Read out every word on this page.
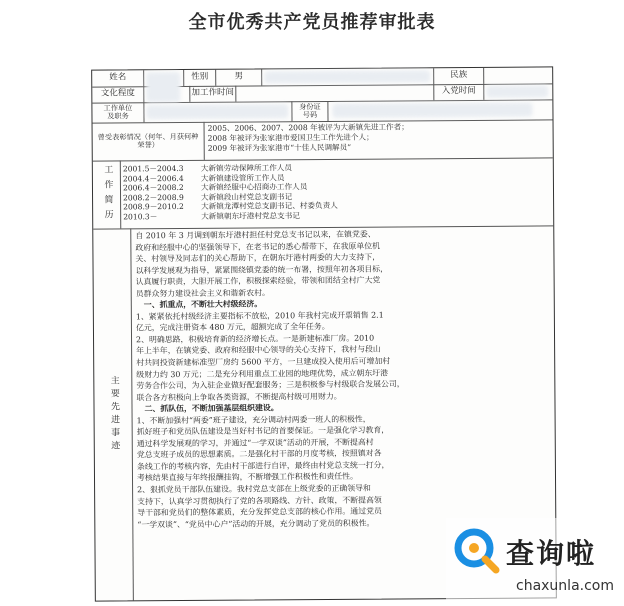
全市优秀共产党员推荐审批表
姓名	性别	男	民族
文化程度	加工作时间	入党时间
工作单位
及职务
身份证
号码
曾受表彰情况（何年、月获何种荣誉）
2005、2006、2007、2008 年被评为大新镇先进工作者；
2008 年被评为张家港市爱国卫生工作先进个人；
2009 年被评为张家港市“十佳人民调解员”
工作简历	2001.5－2004.3	大新镇劳动保障所工作人员
2004.4－2006.4	大新镇建设管所工作人员
2006.4－2008.2	大新镇经服中心招商办工作人员
2008.2－2008.9	大新镇段山村党总支副书记
2008.9－2010.2	大新镇龙潭村党总支副书记、村委负责人
2010.3－	大新镇朝东圩港村党总支书记
主要先进事迹

自 2010 年 3 月调到朝东圩港村担任村党总支书记以来，在镇党委、

政府和经服中心的坚强领导下，在老书记的悉心帮带下，在我原单位机

关、村领导及同志们的关心帮助下，在朝东圩港村两委的大力支持下，

以科学发展观为指导，紧紧围绕镇党委的统一布署，按照年初各项目标，

认真履行职责，大胆开展工作，积极探索经验，带领和团结全村广大党

员群众努力建设社会主义和谐新农村。

一、抓重点，不断壮大村级经济。

1、紧紧依托村级经济主要指标不放松，2010 年我村完成开票销售 2.1

亿元，完成注册资本 480 万元，超额完成了全年任务。

2、明确思路，积极培育新的经济增长点。一是新建标准厂房。2010

年上半年，在镇党委、政府和经服中心领导的关心支持下，我村与段山

村共同投资新建标准型厂房约 5600 平方，一旦建成投入使用后可增加村

级财力约 30 万元；二是充分利用重点工业园的地理优势，成立朝东圩港

劳务合作公司，为入驻企业做好配套服务；三是积极参与村级联合发展公司，

联合各方积极向上争取各类资源，不断提高村级可用财力。

二、抓队伍，不断加强基层组织建设。

1、不断加强村“两委”班子建设，充分调动村两委一班人的积极性，

抓好班子和党员队伍建设是当好村书记的首要保证。一是强化学习教育，

通过科学发展观的学习，并通过“一学双谈”活动的开展，不断提高村

党总支班子成员的思想素质。二是强化村干部的月度考核，按照镇对各

条线工作的考核内容，先由村干部进行自评，最终由村党总支统一打分，

考核结果直接与年终报酬挂钩，不断增强工作积极性和责任性。

2、狠抓党员干部队伍建设。我村党总支部在上级党委的正确领导和

支持下，认真学习贯彻执行了党的各项路线、方针、政策，不断提高领

导干部和党员们的整体素质，充分发挥党总支部的核心作用。通过党员

“一学双谈”、“党员中心户”活动的开展，充分调动了党员的积极性。

查询啦
chaxunla.com
